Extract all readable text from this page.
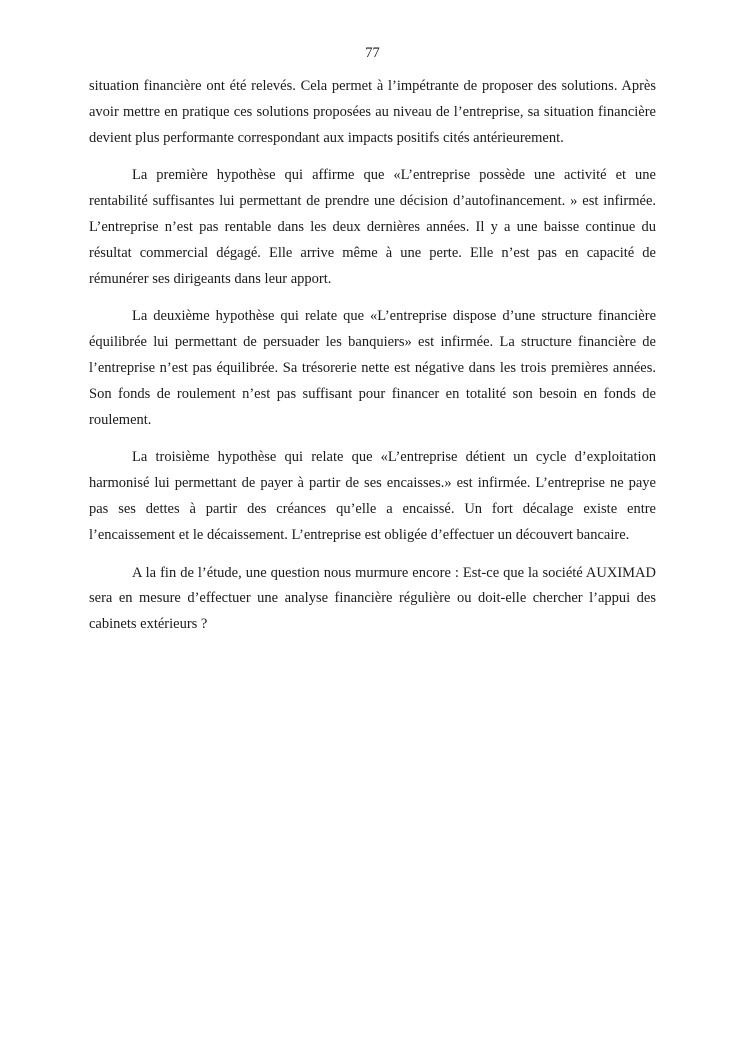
77

situation financière ont été relevés. Cela permet à l’impétrante de proposer des solutions. Après avoir mettre en pratique ces solutions proposées au niveau de l’entreprise, sa situation financière devient plus performante correspondant aux impacts positifs cités antérieurement.

La première hypothèse qui affirme que «L’entreprise possède une activité et une rentabilité suffisantes lui permettant de prendre une décision d’autofinancement. » est infirmée. L’entreprise n’est pas rentable dans les deux dernières années. Il y a une baisse continue du résultat commercial dégagé. Elle arrive même à une perte. Elle n’est pas en capacité de rémunérer ses dirigeants dans leur apport.

La deuxième hypothèse qui relate que «L’entreprise dispose d’une structure financière équilibrée lui permettant de persuader les banquiers» est infirmée. La structure financière de l’entreprise n’est pas équilibrée. Sa trésorerie nette est négative dans les trois premières années. Son fonds de roulement n’est pas suffisant pour financer en totalité son besoin en fonds de roulement.

La troisième hypothèse qui relate que «L’entreprise détient un cycle d’exploitation harmonisé lui permettant de payer à partir de ses encaisses.» est infirmée. L’entreprise ne paye pas ses dettes à partir des créances qu’elle a encaissé. Un fort décalage existe entre l’encaissement et le décaissement. L’entreprise est obligée d’effectuer un découvert bancaire.

A la fin de l’étude, une question nous murmure encore : Est-ce que la société AUXIMAD sera en mesure d’effectuer une analyse financière régulière ou doit-elle chercher l’appui des cabinets extérieurs ?
